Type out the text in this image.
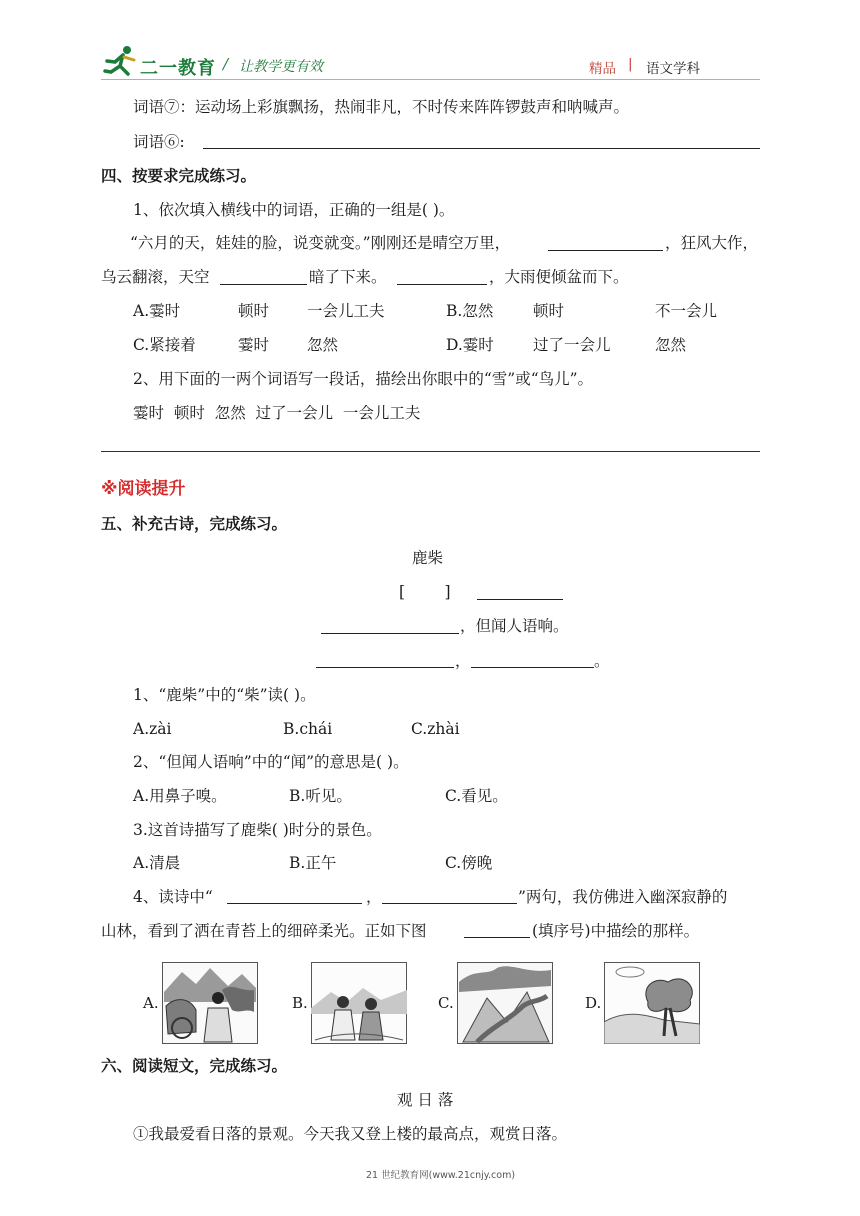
二一教育 / 让教学更有效	精品 | 语文学科
词语⑦：运动场上彩旗飘扬，热闹非凡，不时传来阵阵锣鼓声和呐喊声。
词语⑥:
四、按要求完成练习。
1、依次填入横线中的词语，正确的一组是( )。
“六月的天，娃娃的脸，说变就变。”刚刚还是晴空万里，	，狂风大作，
乌云翻滚，天空	暗了下来。	，大雨便倾盆而下。
A.霎时	顿时 一会儿工夫	B.忽然	顿时	不一会儿
C.紧接着	霎时 忽然	D.霎时	过了一会儿	忽然
2、用下面的一两个词语写一段话，描绘出你眼中的“雪”或“鸟儿”。
霎时  顿时  忽然  过了一会儿  一会儿工夫
※阅读提升
五、补充古诗，完成练习。
鹿柴
[        ]
，但闻人语响。
，	。
1、“鹿柴”中的“柴”读( )。
A.zài	B.chái	C.zhài
2、“但闻人语响”中的“闻”的意思是( )。
A.用鼻子嗅。	B.听见。	C.看见。
3.这首诗描写了鹿柴( )时分的景色。
A.清晨	B.正午	C.傍晚
4、读诗中“	，	”两句，我仿佛进入幽深寂静的
山林，看到了洒在青苔上的细碎柔光。正如下图	(填序号)中描绘的那样。
A.	B.	C.	D.
六、阅读短文，完成练习。
观 日 落
①我最爱看日落的景观。今天我又登上楼的最高点，观赏日落。
21 世纪教育网(www.21cnjy.com)
